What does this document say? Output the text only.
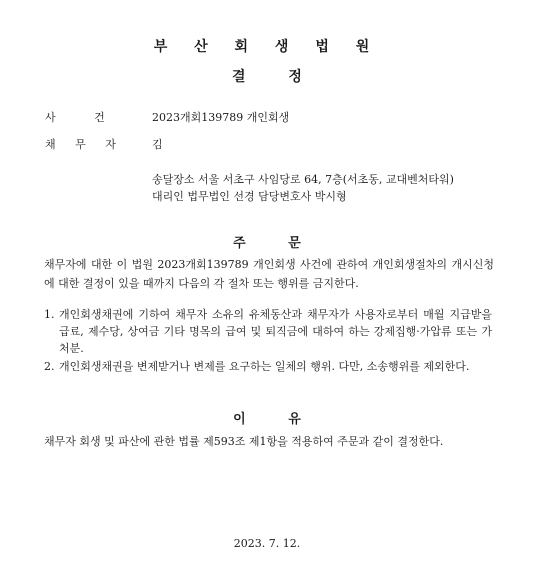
부 산 회 생 법 원
결 정
사 건	2023개회139789 개인회생
채 무 자	김
송달장소 서울 서초구 사임당로 64, 7층(서초동, 교대벤처타워)
대리인 법무법인 선경 담당변호사 박시형
주 문
채무자에 대한 이 법원 2023개회139789 개인회생 사건에 관하여 개인회생절차의 개시신청에 대한 결정이 있을 때까지 다음의 각 절차 또는 행위를 금지한다.
1. 개인회생채권에 기하여 채무자 소유의 유체동산과 채무자가 사용자로부터 매월 지급받을 급료, 제수당, 상여금 기타 명목의 급여 및 퇴직금에 대하여 하는 강제집행·가압류 또는 가처분.
2. 개인회생채권을 변제받거나 변제를 요구하는 일체의 행위. 다만, 소송행위를 제외한다.
이 유
채무자 회생 및 파산에 관한 법률 제593조 제1항을 적용하여 주문과 같이 결정한다.
2023. 7. 12.
